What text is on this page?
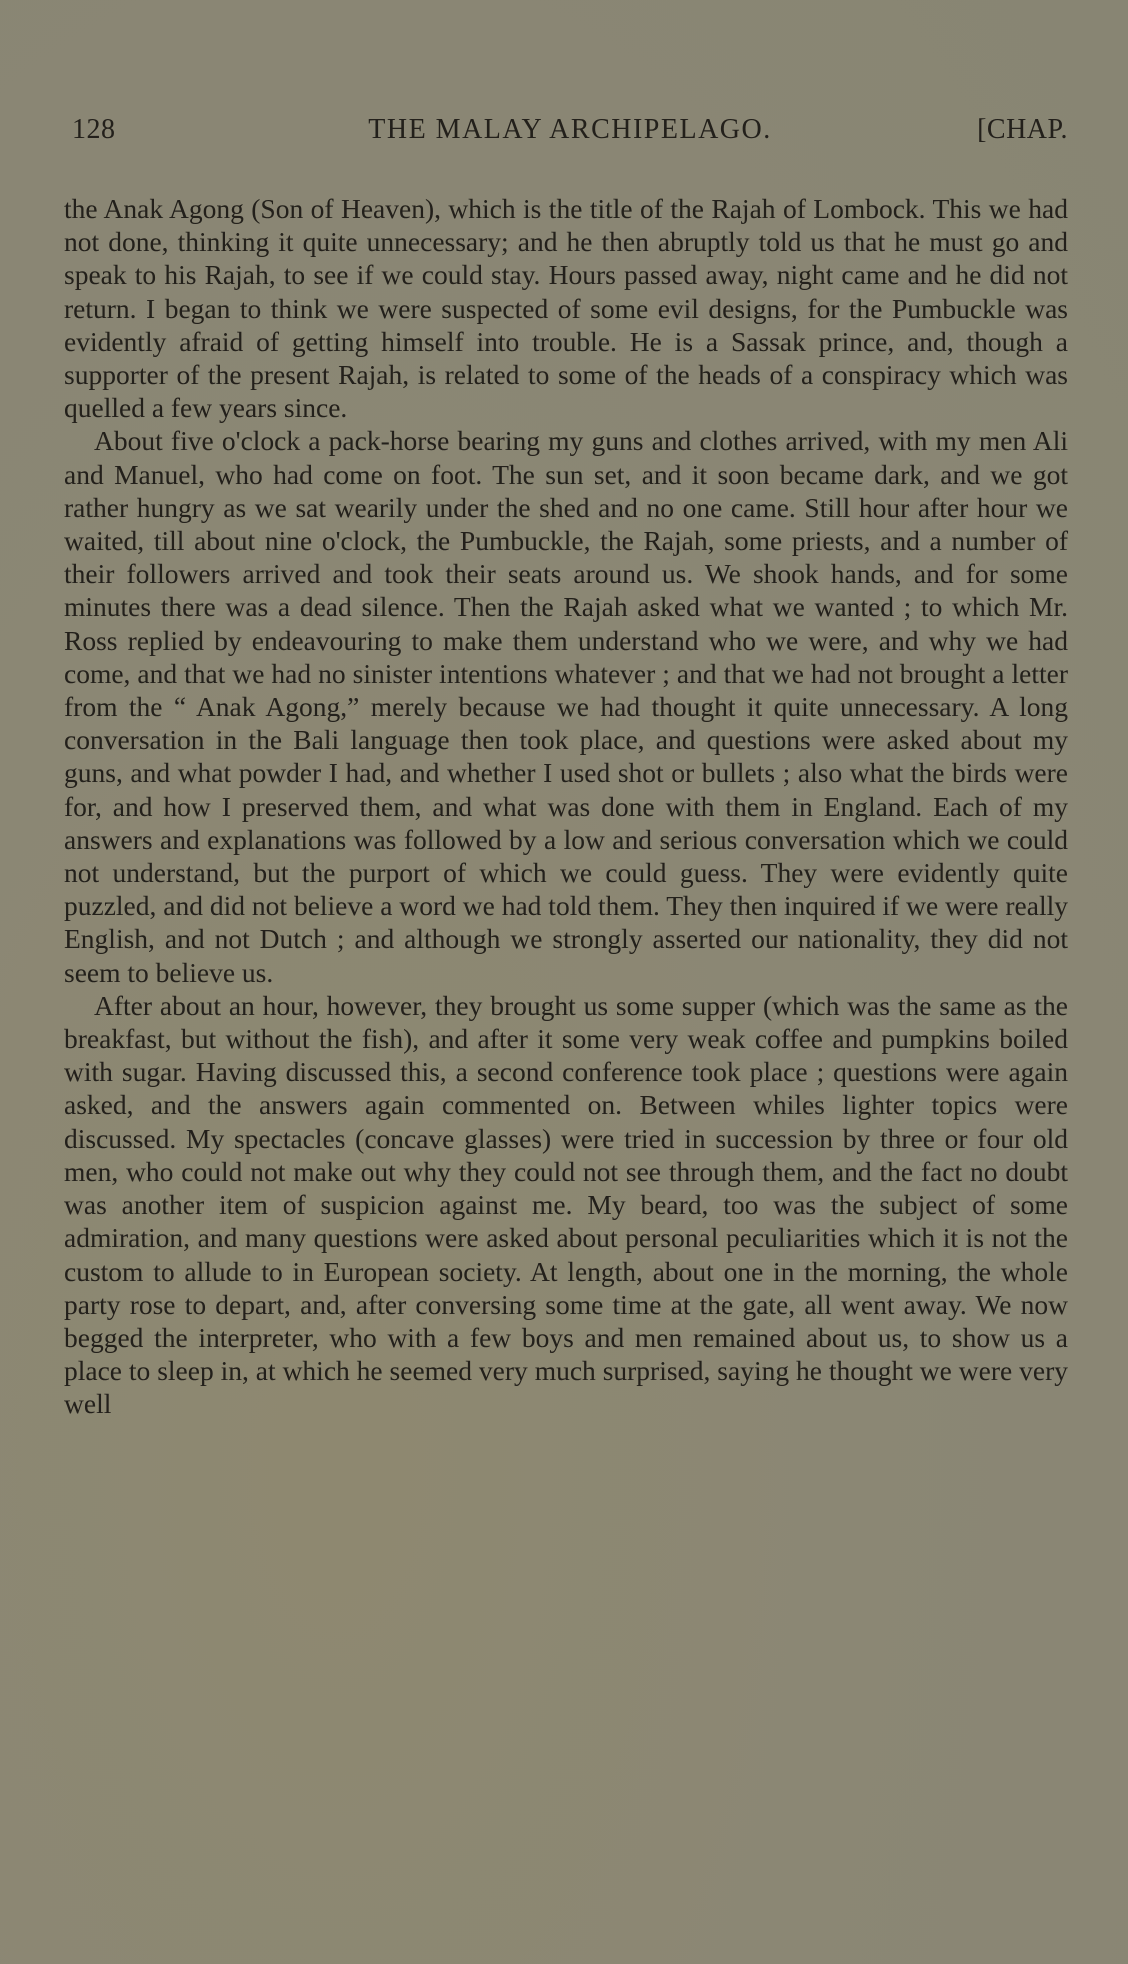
128	THE MALAY ARCHIPELAGO.	[CHAP.

the Anak Agong (Son of Heaven), which is the title of the Rajah of Lombock. This we had not done, thinking it quite unnecessary; and he then abruptly told us that he must go and speak to his Rajah, to see if we could stay. Hours passed away, night came and he did not return. I began to think we were suspected of some evil designs, for the Pumbuckle was evidently afraid of getting himself into trouble. He is a Sassak prince, and, though a supporter of the present Rajah, is related to some of the heads of a conspiracy which was quelled a few years since.

About five o'clock a pack-horse bearing my guns and clothes arrived, with my men Ali and Manuel, who had come on foot. The sun set, and it soon became dark, and we got rather hungry as we sat wearily under the shed and no one came. Still hour after hour we waited, till about nine o'clock, the Pumbuckle, the Rajah, some priests, and a number of their followers arrived and took their seats around us. We shook hands, and for some minutes there was a dead silence. Then the Rajah asked what we wanted ; to which Mr. Ross replied by endeavouring to make them understand who we were, and why we had come, and that we had no sinister intentions whatever ; and that we had not brought a letter from the “ Anak Agong,” merely because we had thought it quite unnecessary. A long conversation in the Bali language then took place, and questions were asked about my guns, and what powder I had, and whether I used shot or bullets ; also what the birds were for, and how I preserved them, and what was done with them in England. Each of my answers and explanations was followed by a low and serious conversation which we could not understand, but the purport of which we could guess. They were evidently quite puzzled, and did not believe a word we had told them. They then inquired if we were really English, and not Dutch ; and although we strongly asserted our nationality, they did not seem to believe us.

After about an hour, however, they brought us some supper (which was the same as the breakfast, but without the fish), and after it some very weak coffee and pumpkins boiled with sugar. Having discussed this, a second conference took place ; questions were again asked, and the answers again commented on. Between whiles lighter topics were discussed. My spectacles (concave glasses) were tried in succession by three or four old men, who could not make out why they could not see through them, and the fact no doubt was another item of suspicion against me. My beard, too was the subject of some admiration, and many questions were asked about personal peculiarities which it is not the custom to allude to in European society. At length, about one in the morning, the whole party rose to depart, and, after conversing some time at the gate, all went away. We now begged the interpreter, who with a few boys and men remained about us, to show us a place to sleep in, at which he seemed very much surprised, saying he thought we were very well
